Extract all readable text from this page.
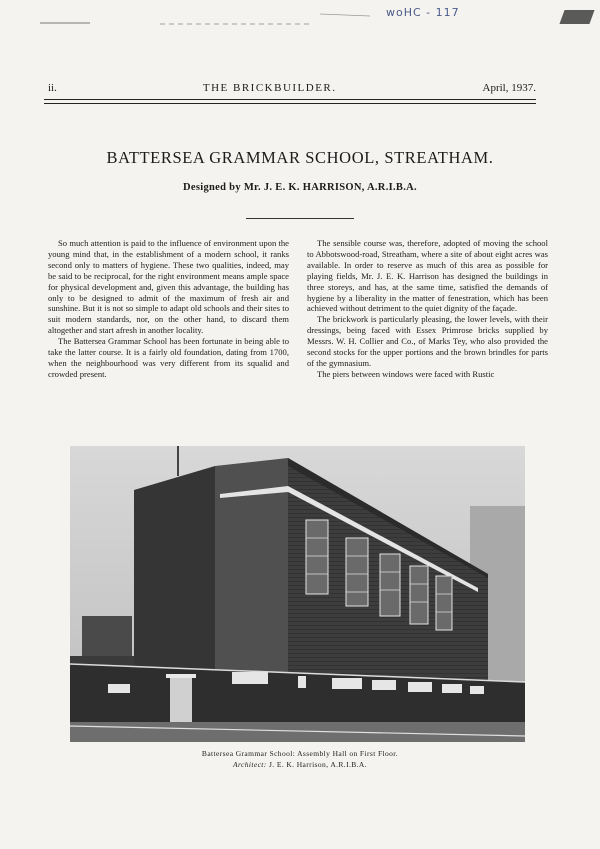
woHC - 117
ii.	THE BRICKBUILDER.	April, 1937.
BATTERSEA GRAMMAR SCHOOL, STREATHAM.
Designed by Mr. J. E. K. HARRISON, A.R.I.B.A.

So much attention is paid to the influence of environment upon the young mind that, in the establishment of a modern school, it ranks second only to matters of hygiene. These two qualities, indeed, may be said to be reciprocal, for the right environment means ample space for physical development and, given this advantage, the building has only to be designed to admit of the maximum of fresh air and sunshine. But it is not so simple to adapt old schools and their sites to suit modern standards, nor, on the other hand, to discard them altogether and start afresh in another locality.

The Battersea Grammar School has been fortunate in being able to take the latter course. It is a fairly old foundation, dating from 1700, when the neighbourhood was very different from its squalid and crowded present.

The sensible course was, therefore, adopted of moving the school to Abbotswood-road, Streatham, where a site of about eight acres was available. In order to reserve as much of this area as possible for playing fields, Mr. J. E. K. Harrison has designed the buildings in three storeys, and has, at the same time, satisfied the demands of hygiene by a liberality in the matter of fenestration, which has been achieved without detriment to the quiet dignity of the façade.

The brickwork is particularly pleasing, the lower levels, with their dressings, being faced with Essex Primrose bricks supplied by Messrs. W. H. Collier and Co., of Marks Tey, who also provided the second stocks for the upper portions and the brown brindles for parts of the gymnasium.

The piers between windows were faced with Rustic

Battersea Grammar School: Assembly Hall on First Floor.
Architect: J. E. K. Harrison, A.R.I.B.A.
